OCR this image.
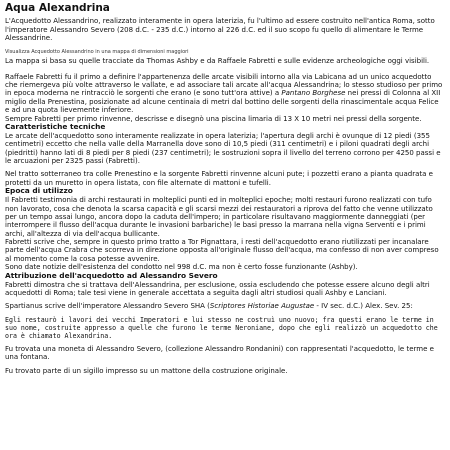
Aqua Alexandrina

L'Acquedotto Alessandrino, realizzato interamente in opera laterizia, fu l'ultimo ad essere costruito nell'antica Roma, sotto l'imperatore Alessandro Severo (208 d.C. - 235 d.C.) intorno al 226 d.C. ed il suo scopo fu quello di alimentare le Terme Alessandrine.

Visualizza Acquedotto Alessandrino in una mappa di dimensioni maggiori

La mappa si basa su quelle tracciate da Thomas Ashby e da Raffaele Fabretti e sulle evidenze archeologiche oggi visibili.

Raffaele Fabretti fu il primo a definire l'appartenenza delle arcate visibili intorno alla via Labicana ad un unico acquedotto che riemergeva più volte attraverso le vallate, e ad associare tali arcate all'acqua Alessandrina; lo stesso studioso per primo in epoca moderna ne rintracciò le sorgenti che erano (e sono tutt'ora attive) a Pantano Borghese nei pressi di Colonna al XII miglio della Prenestina, posizionate ad alcune centinaia di metri dal bottino delle sorgenti della rinascimentale acqua Felice e ad una quota lievemente inferiore.

Sempre Fabretti per primo rinvenne, descrisse e disegnò una piscina limaria di 13 X 10 metri nei pressi della sorgente.

Caratteristiche tecniche

Le arcate dell'acquedotto sono interamente realizzate in opera laterizia; l'apertura degli archi è ovunque di 12 piedi (355 centimetri) eccetto che nella valle della Marranella dove sono di 10,5 piedi (311 centimetri) e i piloni quadrati degli archi (piedritti) hanno lati di 8 piedi per 8 piedi (237 centimetri); le sostruzioni sopra il livello del terreno corrono per 4250 passi e le arcuazioni per 2325 passi (Fabretti).

Nel tratto sotterraneo tra colle Prenestino e la sorgente Fabretti rinvenne alcuni pute; i pozzetti erano a pianta quadrata e protetti da un muretto in opera listata, con file alternate di mattoni e tufelli.

Epoca di utilizzo

Il Fabretti testimonia di archi restaurati in molteplici punti ed in molteplici epoche; molti restauri furono realizzati con tufo non lavorato, cosa che denota la scarsa capacità e gli scarsi mezzi dei restauratori a riprova del fatto che venne utilizzato per un tempo assai lungo, ancora dopo la caduta dell'impero; in particolare risultavano maggiormente danneggiati (per interrompere il flusso dell'acqua durante le invasioni barbariche) le basi presso la marrana nella vigna Serventi e i primi archi, all'altezza di via dell'acqua bullicante.

Fabretti scrive che, sempre in questo primo tratto a Tor Pignattara, i resti dell'acquedotto erano riutilizzati per incanalare parte dell'acqua Crabra che scorreva in direzione opposta all'originale flusso dell'acqua, ma confesso di non aver compreso al momento come la cosa potesse avvenire.

Sono date notizie dell'esistenza del condotto nel 998 d.C. ma non è certo fosse funzionante (Ashby).

Attribuzione dell'acquedotto ad Alessandro Severo

Fabretti dimostra che si trattava dell'Alessandrina, per esclusione, ossia escludendo che potesse essere alcuno degli altri acquedotti di Roma; tale tesi viene in generale accettata a seguita dagli altri studiosi quali Ashby e Lanciani.

Spartianus scrive dell'imperatore Alessandro Severo SHA (Scriptores Historiae Augustae - IV sec. d.C.) Alex. Sev. 25:

Egli restaurò i lavori dei vecchi Imperatori e lui stesso ne costruì uno nuovo; fra questi erano le terme in suo nome, costruite appresso a quelle che furono le terme Neroniane, dopo che egli realizzò un acquedotto che ora è chiamato Alexandrina.

Fu trovata una moneta di Alessandro Severo, (collezione Alessandro Rondanini) con rappresentati l'acquedotto, le terme e una fontana.

Fu trovato parte di un sigillo impresso su un mattone della costruzione originale.
